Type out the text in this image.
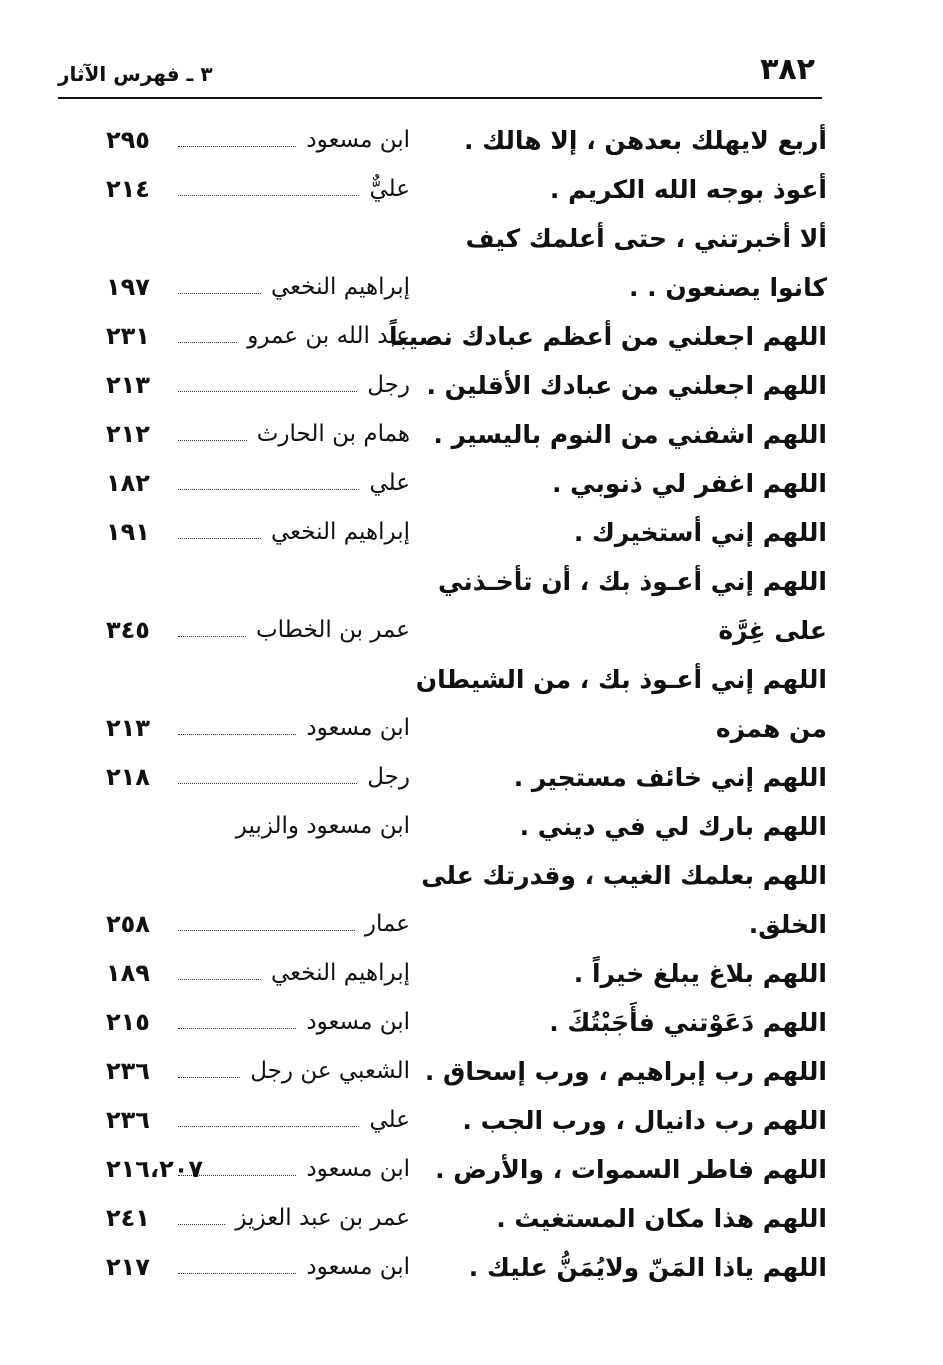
٣٨٢
٣ ـ فهرس الآثار
أربع لايهلك بعدهن ، إلا هالك .
ابن مسعود
٢٩٥
أعوذ بوجه الله الكريم .
عليٌّ
٢١٤
ألا أخبرتني ، حتى أعلمك كيف
كانوا يصنعون . .
إبراهيم النخعي
١٩٧
اللهم اجعلني من أعظم عبادك نصيباً
عبد الله بن عمرو
٢٣١
اللهم اجعلني من عبادك الأقلين .
رجل
٢١٣
اللهم اشفني من النوم باليسير .
همام بن الحارث
٢١٢
اللهم اغفر لي ذنوبي .
علي
١٨٢
اللهم إني أستخيرك .
إبراهيم النخعي
١٩١
اللهم إني أعـوذ بك ، أن تأخـذني
على غِرَّة
عمر بن الخطاب
٣٤٥
اللهم إني أعـوذ بك ، من الشيطان
من همزه
ابن مسعود
٢١٣
اللهم إني خائف مستجير .
رجل
٢١٨
اللهم بارك لي في ديني .
ابن مسعود والزبير
اللهم بعلمك الغيب ، وقدرتك على
الخلق.
عمار
٢٥٨
اللهم بلاغ يبلغ خيراً .
إبراهيم النخعي
١٨٩
اللهم دَعَوْتني فأَجَبْتُكَ .
ابن مسعود
٢١٥
اللهم رب إبراهيم ، ورب إسحاق .
الشعبي عن رجل
٢٣٦
اللهم رب دانيال ، ورب الجب .
علي
٢٣٦
اللهم فاطر السموات ، والأرض .
ابن مسعود
٢١٦،٢٠٧
اللهم هذا مكان المستغيث .
عمر بن عبد العزيز
٢٤١
اللهم ياذا المَنّ ولايُمَنُّ عليك .
ابن مسعود
٢١٧
